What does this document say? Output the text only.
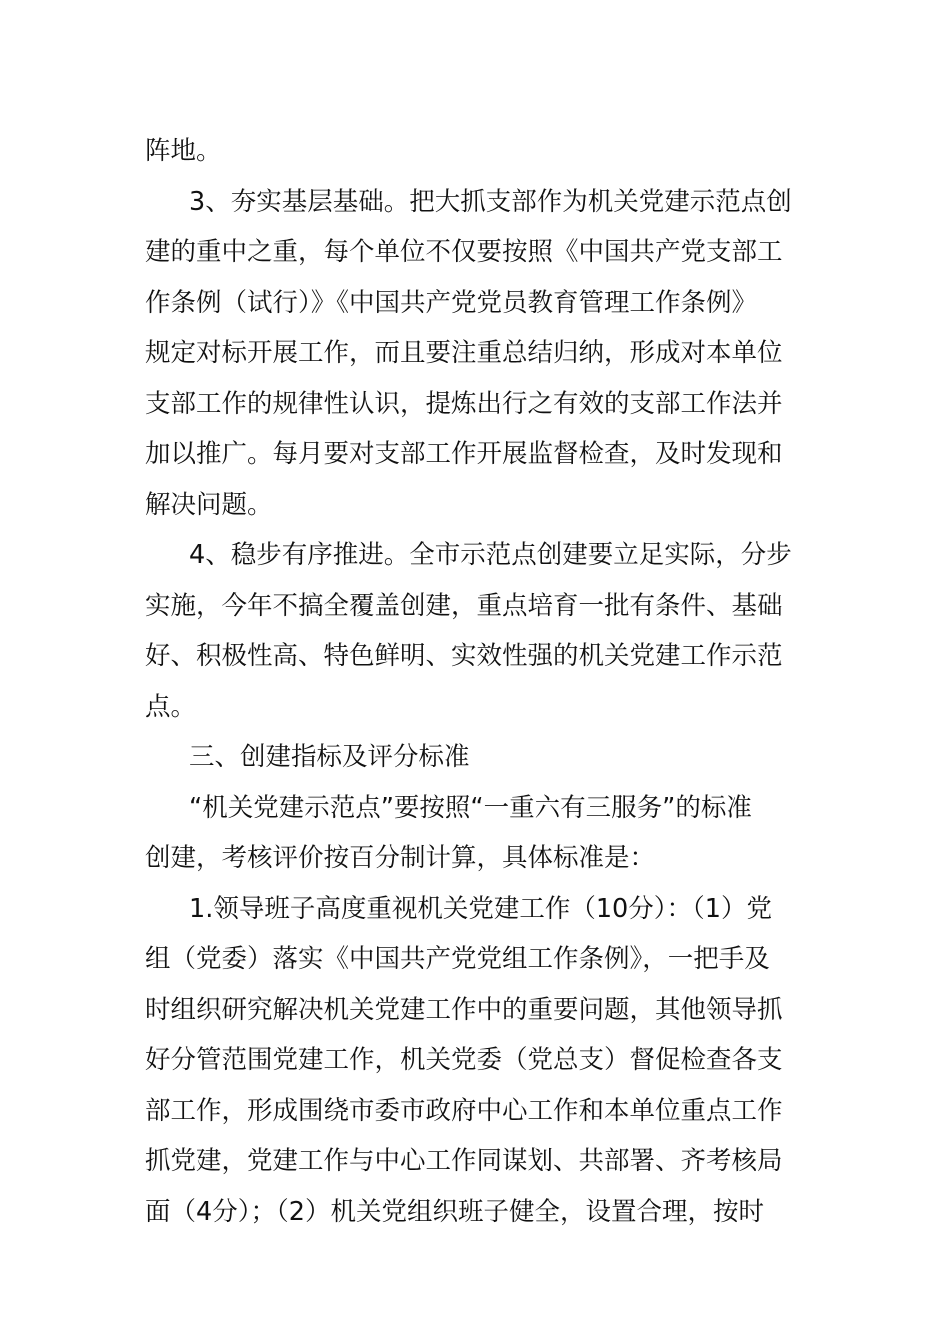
阵地。
3、夯实基层基础。把大抓支部作为机关党建示范点创
建的重中之重，每个单位不仅要按照《中国共产党支部工
作条例（试行）》《中国共产党党员教育管理工作条例》
规定对标开展工作，而且要注重总结归纳，形成对本单位
支部工作的规律性认识，提炼出行之有效的支部工作法并
加以推广。每月要对支部工作开展监督检查，及时发现和
解决问题。
4、稳步有序推进。全市示范点创建要立足实际，分步
实施，今年不搞全覆盖创建，重点培育一批有条件、基础
好、积极性高、特色鲜明、实效性强的机关党建工作示范
点。
三、创建指标及评分标准
“机关党建示范点”要按照“一重六有三服务”的标准
创建，考核评价按百分制计算，具体标准是：
1.领导班子高度重视机关党建工作（10分）：（1）党
组（党委）落实《中国共产党党组工作条例》，一把手及
时组织研究解决机关党建工作中的重要问题，其他领导抓
好分管范围党建工作，机关党委（党总支）督促检查各支
部工作，形成围绕市委市政府中心工作和本单位重点工作
抓党建，党建工作与中心工作同谋划、共部署、齐考核局
面（4分）；（2）机关党组织班子健全，设置合理，按时
